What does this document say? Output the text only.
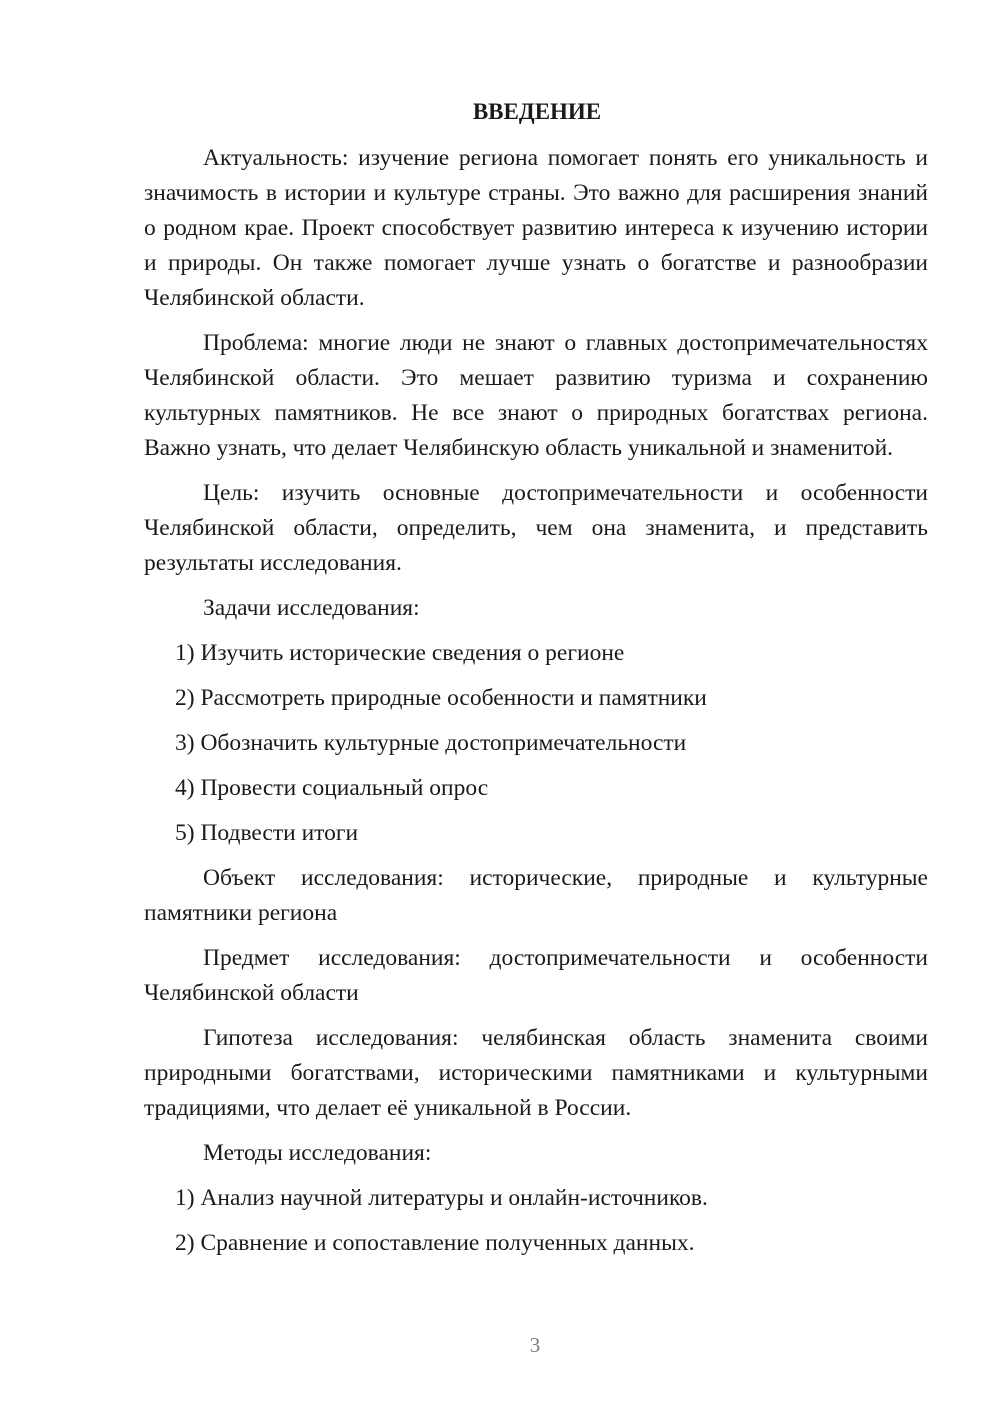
ВВЕДЕНИЕ

Актуальность: изучение региона помогает понять его уникальность и значимость в истории и культуре страны. Это важно для расширения знаний о родном крае. Проект способствует развитию интереса к изучению истории и природы. Он также помогает лучше узнать о богатстве и разнообразии Челябинской области.

Проблема: многие люди не знают о главных достопримечательностях Челябинской области. Это мешает развитию туризма и сохранению культурных памятников. Не все знают о природных богатствах региона. Важно узнать, что делает Челябинскую область уникальной и знаменитой.

Цель: изучить основные достопримечательности и особенности Челябинской области, определить, чем она знаменита, и представить результаты исследования.

Задачи исследования:

1) Изучить исторические сведения о регионе

2) Рассмотреть природные особенности и памятники

3) Обозначить культурные достопримечательности

4) Провести социальный опрос

5) Подвести итоги

Объект исследования: исторические, природные и культурные памятники региона

Предмет исследования: достопримечательности и особенности Челябинской области

Гипотеза исследования: челябинская область знаменита своими природными богатствами, историческими памятниками и культурными традициями, что делает её уникальной в России.

Методы исследования:

1) Анализ научной литературы и онлайн-источников.

2) Сравнение и сопоставление полученных данных.

3
